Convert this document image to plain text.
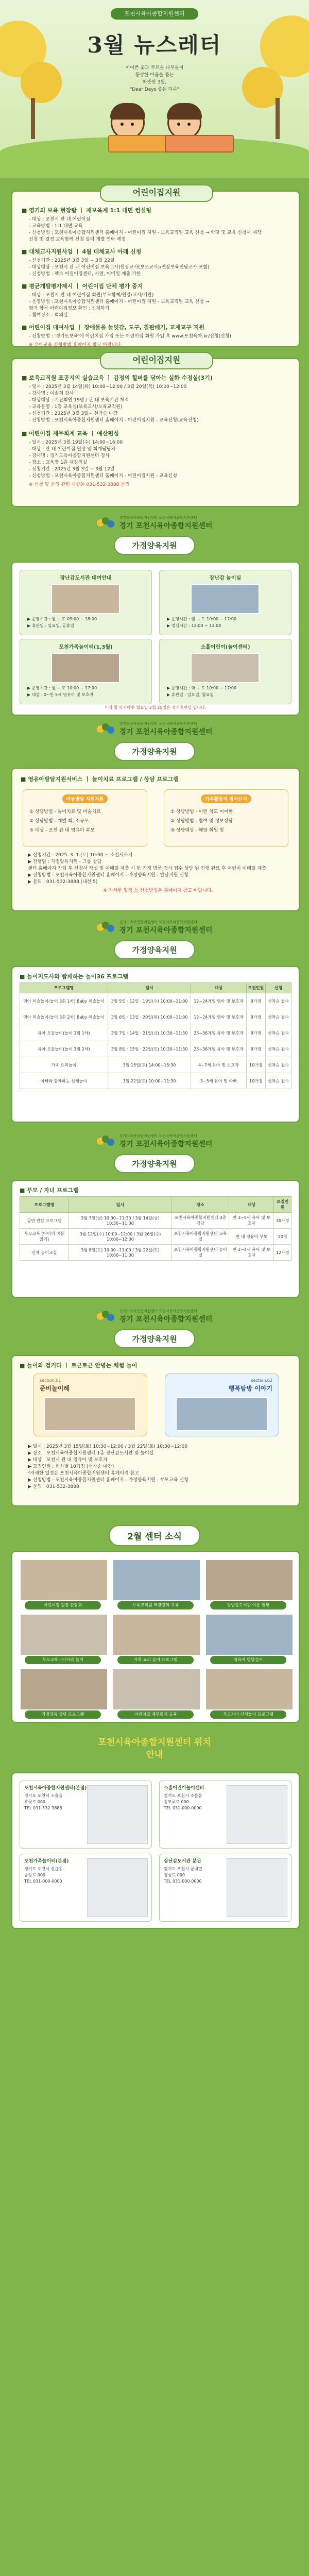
포천시육아종합지원센터
3월 뉴스레터
어여쁜 꽃과 푸르른 나무들이
풍성한 마음을 품는
따뜻한 3월,
"Dear Days 좋은 하루"
어린이집지원

■ 영기의 보육 현장탐 ㅣ 재보육계 1:1 대면 컨설팅

- 대상 : 포천시 관 내 어린이집

- 교육방법 : 1:1 대면 교육

- 신청방법 : 포천시육아종합지원센터 홈페이지 - 어린이집 지원 - 보육교직원 교육 신청 → 학당 및 교육 신청서 제작

신청 및 결정 교육함께 신청 살펴 개별 연락 예정

■ 대체교사지원사업 ㅣ 4월 대체교사 아래 신청

- 신청기간 : 2025년 3월 3일 ~ 3월 22일

- 대상대상 : 포천시 관 내 어린이집 보육교사(원장교사(보조교사)/연장보육전담교사 포함)

- 신청방법 : 팩스 어린이집센터, 서면, 이메일 제출 기한

■ 평균개발평가제시 ㅣ 어린이집 단체 평가 중지

- 대상 : 포천시 관 내 어린이집 회원(부모함께/원장/교사/기관)

- 운영방법 : 포천시육아종합지원센터 홈페이지 - 어린이집 지원 - 보육교직원 교육 신청 →

평가 항목 어린이집정보 확인 : 신청하기

- 참여장소 : 회의실

■ 어린이집 대여사업 ㅣ 장애물을 놀잇감, 도구, 칠판배기, 교재교구 지원

- 신청방법 : '경기도보육'에 어린이집 가입 또는 어린이집 회원 가입 후 www.포천육아.kr/신청(신청)

※ 유아교육 신청방법 홈페이지 참고 바랍니다.

어린이집지원

■ 보육교직원 표공지의 실습교육 ㅣ 감정의 힐버를 담아는 실화 수정실(3기)

- 일시 : 2025년 3월 14일(화) 10:00~12:00 / 3월 20일(목) 10:00~12:00

- 강사명 : 이솔희 강사

- 대상대상 : 기관회원 19명 / 관 내 보육기관 재직

- 교육운영 : 1층 교육실(보육교사/보육교직원)

- 신청기간 : 2025년 3월 3일~ 선착순 마감

- 신청방법 : 포천시육아종합지원센터 홈페이지 - 어린이집지원 - 교육신청(교육신청)

■ 어린이집 재무회계 교육 ㅣ 예산편성

- 일시 : 2025년 3월 19일(수) 14:00~16:00

- 대상 : 관 내 어린이집 원장 및 회계담당자

- 강사명 : 경기도육아종합지원센터 강사

- 장소 : 교육장 1층 대강의실

- 신청기간 : 2025년 3월 3일 ~ 3월 12일

- 신청방법 : 포천시육아종합지원센터 홈페이지 - 어린이집지원 - 교육신청

※ 신청 및 문의 관련 사항은 031-532-3888 문의

경기도육아종합지원센터 포천시육아종합지원센터
경기 포천시육아종합지원센터
가정양육지원
장난감도서관 대여안내
▶ 운영시간 : 월 ~ 토 09:00 ~ 18:00
▶ 휴관일 : 일요일, 공휴일
장난감 놀이실
▶ 운영시간 : 월 ~ 토 10:00 ~ 17:00
▶ 점심시간 : 12:00 ~ 13:00
포천가족놀이터(1,3월)
▶ 운영시간 : 월 ~ 토 10:00 ~ 17:00
▶ 대상 : 0~만 5세 영유아 및 보호자
소흘어린이(놀이센터)
▶ 운영시간 : 화 ~ 토 10:00 ~ 17:00
▶ 휴관일 : 일요일, 월요일
* 매 월 마지막주 월요일 2월 25일은 정기휴관일 입니다.
경기도육아종합지원센터 포천시육아종합지원센터
경기 포천시육아종합지원센터
가정양육지원

■ 영유아발달지원서비스 ㅣ 놀이치료 프로그램 / 상담 프로그램

아동발달 지원지원
① 상담방법 - 놀이치료 및 미술치료
② 상담방법 - 개별 회, 소규모
③ 대상 - 포천 관 내 영유아 부모
가족활동의 정서신지
① 상담방법 - 이런 치도 이어한
② 상담방법 - 참여 및 정보상담
③ 상담대상 - 해당 회원 및

▶ 신청기간 : 2025. 3. 1.(토) 10:00 ~ 소진시까지

▶ 진행일 : 가정양육지원 - 그룹 상담

센터 홈페이지 가입 후 신청서 작성 및 이메일 제출 시 한 가정 방문 검사 접수 상담 원 진행 완료 후 어린이 이메일 제출

▶ 신청방법 : 포천시육아종합지원센터 홈페이지 - 가정양육지원 - 발달지원 신청

▶ 문의 : 031-532-3888 (내선 5)

※ 자세한 일정 등 신청방법은 홈페이지 참고 바랍니다.

경기도육아종합지원센터 포천시육아종합지원센터
경기 포천시육아종합지원센터
가정양육지원

■ 놀이지도사와 함께하는 놀이36 프로그램

프로그램명	일시	대상	모집인원	신청
영아 미술놀이(놀이 3회 1차) Baby 미술놀이	3월 5일 · 12일 · 19일(수) 10:00~11:00	12~24개월 영아 및 보호자	8가정	선착순 접수
영아 미술놀이(놀이 3회 2차) Baby 미술놀이	3월 6일 · 13일 · 20일(목) 10:00~11:00	12~24개월 영아 및 보호자	8가정	선착순 접수
유아 오감놀이(놀이 3회 1차)	3월 7일 · 14일 · 21일(금) 10:30~11:30	25~36개월 유아 및 보호자	8가정	선착순 접수
유아 오감놀이(놀이 3회 2차)	3월 8일 · 15일 · 22일(토) 10:30~11:30	25~36개월 유아 및 보호자	8가정	선착순 접수
가족 요리놀이	3월 15일(토) 14:00~15:30	4~7세 유아 및 보호자	10가정	선착순 접수
아빠와 함께하는 신체놀이	3월 22일(토) 10:00~11:30	3~5세 유아 및 아빠	10가정	선착순 접수
경기도육아종합지원센터 포천시육아종합지원센터
경기 포천시육아종합지원센터
가정양육지원

■ 부모 / 자녀 프로그램

프로그램명	일시	장소	대상	모집인원
공연 관람 프로그램	3월 7일(금) 10:30~11:30 / 3월 14일(금) 10:30~11:30	포천시육아종합지원센터 3층 강당	만 3~5세 유아 및 보호자	30가정
부모교육 (아이의 마음 읽기)	3월 12일(수) 10:00~12:00 / 3월 26일(수) 10:00~12:00	포천시육아종합지원센터 교육실	관 내 영유아 부모	20명
신체 놀이교실	3월 8일(토) 10:00~11:00 / 3월 22일(토) 10:00~11:00	포천시육아종합지원센터 놀이실	만 2~4세 유아 및 보호자	12가정
경기도육아종합지원센터 포천시육아종합지원센터
경기 포천시육아종합지원센터
가정양육지원

■ 놀이와 걷기다 ㅣ 토근토근 안녕는 체험 놀이

section.01
준비놀이해
section.02
행복탐방 이야기

▶ 일시 : 2025년 3월 15일(토) 10:30~12:00 / 3월 22일(토) 10:30~12:00

▶ 장소 : 포천시육아종합지원센터 1층 장난감도서관 및 놀이실

▶ 대상 : 포천시 관 내 영유아 및 보호자

▶ 모집인원 : 회차별 10가정 (선착순 마감)

*자세한 일정은 포천시육아종합지원센터 홈페이지 참고

▶ 신청방법 : 포천시육아종합지원센터 홈페이지 - 가정양육지원 - 부모교육 신청

▶ 문의 : 031-532-3888

2월 센터 소식
어린이집 원장 간담회	보육교직원 역량강화 교육	장난감도서관 이용 현황
부모교육 - 아이와 놀이	가족 요리 놀이 프로그램	영유아 발달검사
가정양육 상담 프로그램	어린이집 재무회계 교육	부모자녀 신체놀이 프로그램
포천시육아종합지원센터 위치안내
포천시육아종합지원센터(본점)
경기도 포천시 소흘읍
호국로 000
TEL 031-532-3888
소흘어린이놀이센터
경기도 포천시 소흘읍
솔모루로 000
TEL 031-000-0000
포천가족놀이터(분점)
경기도 포천시 신읍동
중앙로 000
TEL 031-000-0000
장난감도서관 분관
경기도 포천시 군내면
청성로 000
TEL 031-000-0000
